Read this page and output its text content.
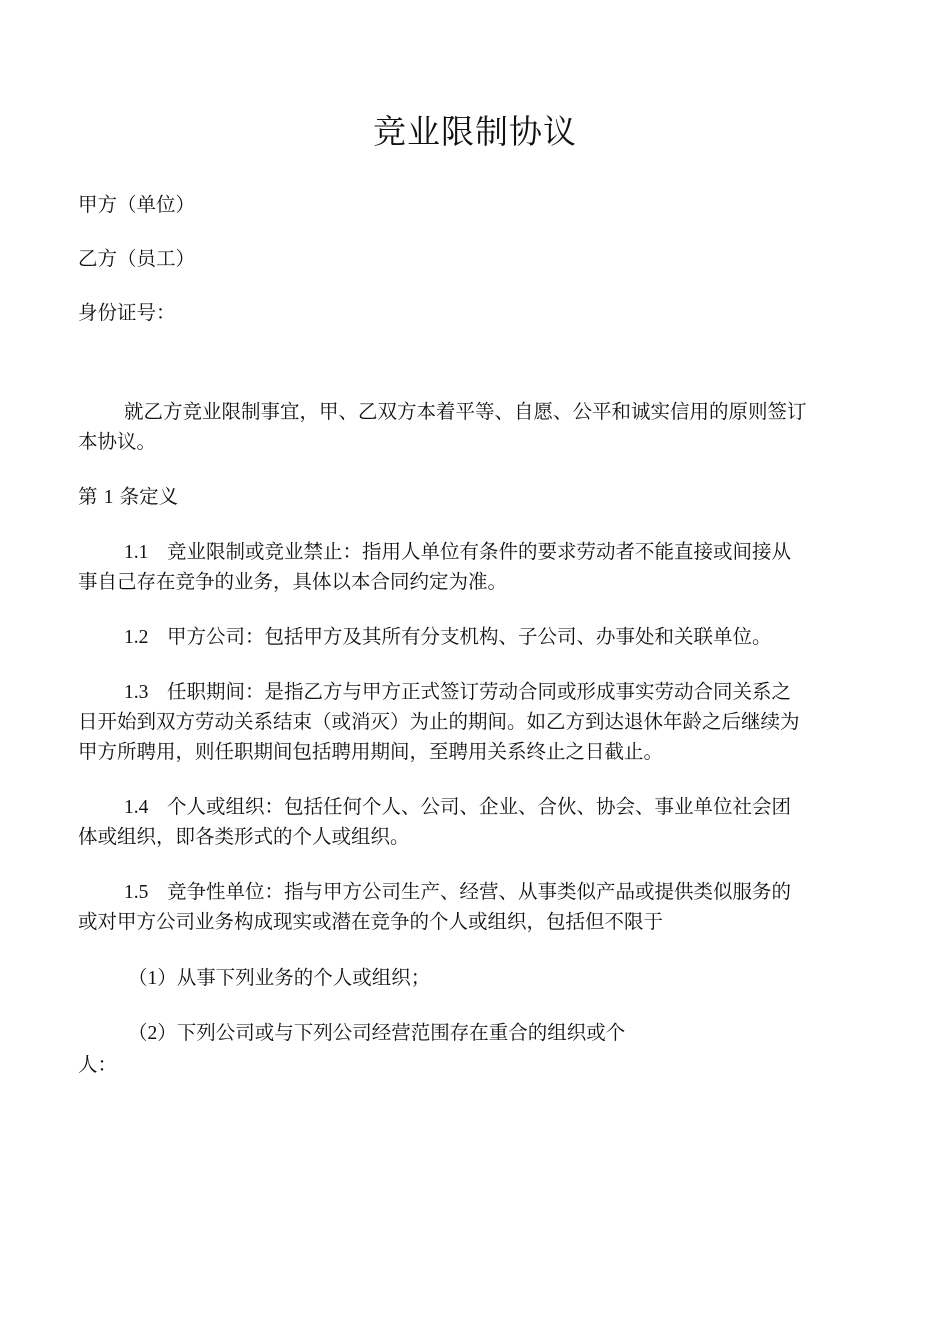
竞业限制协议
甲方（单位）
乙方（员工）
身份证号：
就乙方竞业限制事宜，甲、乙双方本着平等、自愿、公平和诚实信用的原则签订
本协议。
第 1 条定义
1.1 竞业限制或竞业禁止：指用人单位有条件的要求劳动者不能直接或间接从
事自己存在竞争的业务，具体以本合同约定为准。
1.2 甲方公司：包括甲方及其所有分支机构、子公司、办事处和关联单位。
1.3 任职期间：是指乙方与甲方正式签订劳动合同或形成事实劳动合同关系之
日开始到双方劳动关系结束（或消灭）为止的期间。如乙方到达退休年龄之后继续为
甲方所聘用，则任职期间包括聘用期间，至聘用关系终止之日截止。
1.4 个人或组织：包括任何个人、公司、企业、合伙、协会、事业单位社会团
体或组织，即各类形式的个人或组织。
1.5 竞争性单位：指与甲方公司生产、经营、从事类似产品或提供类似服务的
或对甲方公司业务构成现实或潜在竞争的个人或组织，包括但不限于
（1）从事下列业务的个人或组织；
（2）下列公司或与下列公司经营范围存在重合的组织或个
人：
